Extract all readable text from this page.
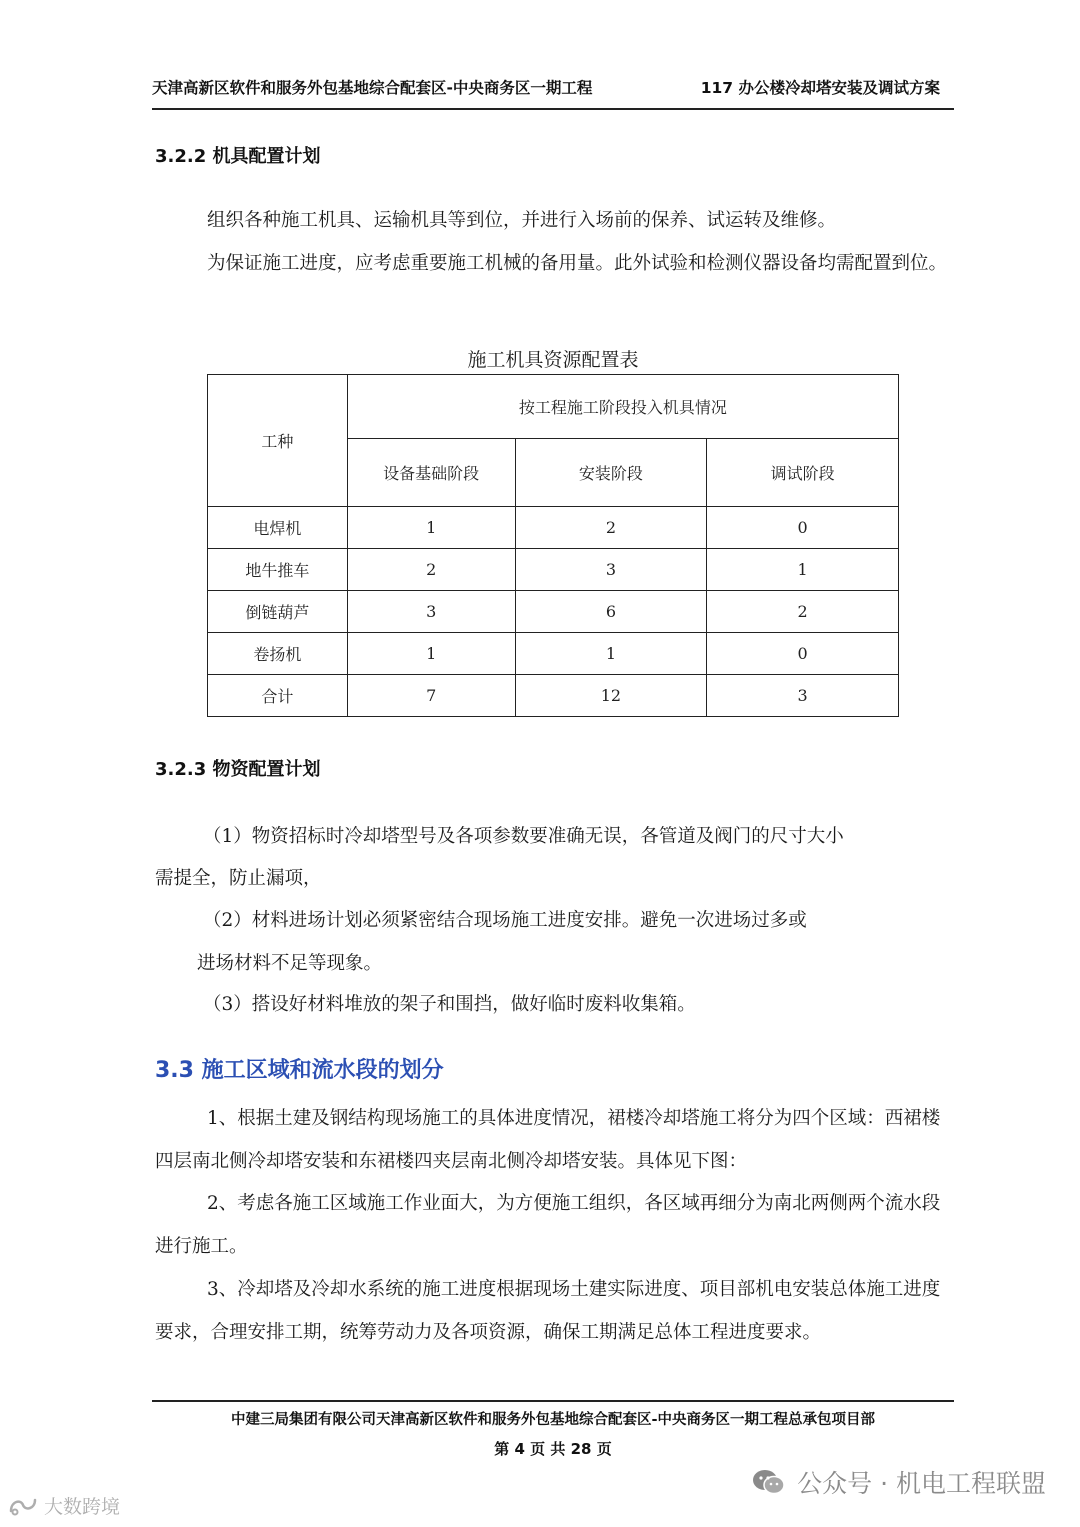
天津高新区软件和服务外包基地综合配套区-中央商务区一期工程	117 办公楼冷却塔安装及调试方案
3.2.2 机具配置计划

组织各种施工机具、运输机具等到位，并进行入场前的保养、试运转及维修。

为保证施工进度，应考虑重要施工机械的备用量。此外试验和检测仪器设备均需配置到位。

施工机具资源配置表
工种	按工程施工阶段投入机具情况		
	设备基础阶段	安装阶段	调试阶段
电焊机	1	2	0
地牛推车	2	3	1
倒链葫芦	3	6	2
卷扬机	1	1	0
合计	7	12	3
3.2.3 物资配置计划
（1）物资招标时冷却塔型号及各项参数要准确无误，各管道及阀门的尺寸大小
需提全，防止漏项，
（2）材料进场计划必须紧密结合现场施工进度安排。避免一次进场过多或
进场材料不足等现象。
（3）搭设好材料堆放的架子和围挡，做好临时废料收集箱。
3.3 施工区域和流水段的划分

1、根据土建及钢结构现场施工的具体进度情况，裙楼冷却塔施工将分为四个区域：西裙楼四层南北侧冷却塔安装和东裙楼四夹层南北侧冷却塔安装。具体见下图：

2、考虑各施工区域施工作业面大，为方便施工组织，各区域再细分为南北两侧两个流水段进行施工。

3、冷却塔及冷却水系统的施工进度根据现场土建实际进度、项目部机电安装总体施工进度要求，合理安排工期，统筹劳动力及各项资源，确保工期满足总体工程进度要求。

中建三局集团有限公司天津高新区软件和服务外包基地综合配套区-中央商务区一期工程总承包项目部
第 4 页 共 28 页
公众号 · 机电工程联盟
大数跨境
